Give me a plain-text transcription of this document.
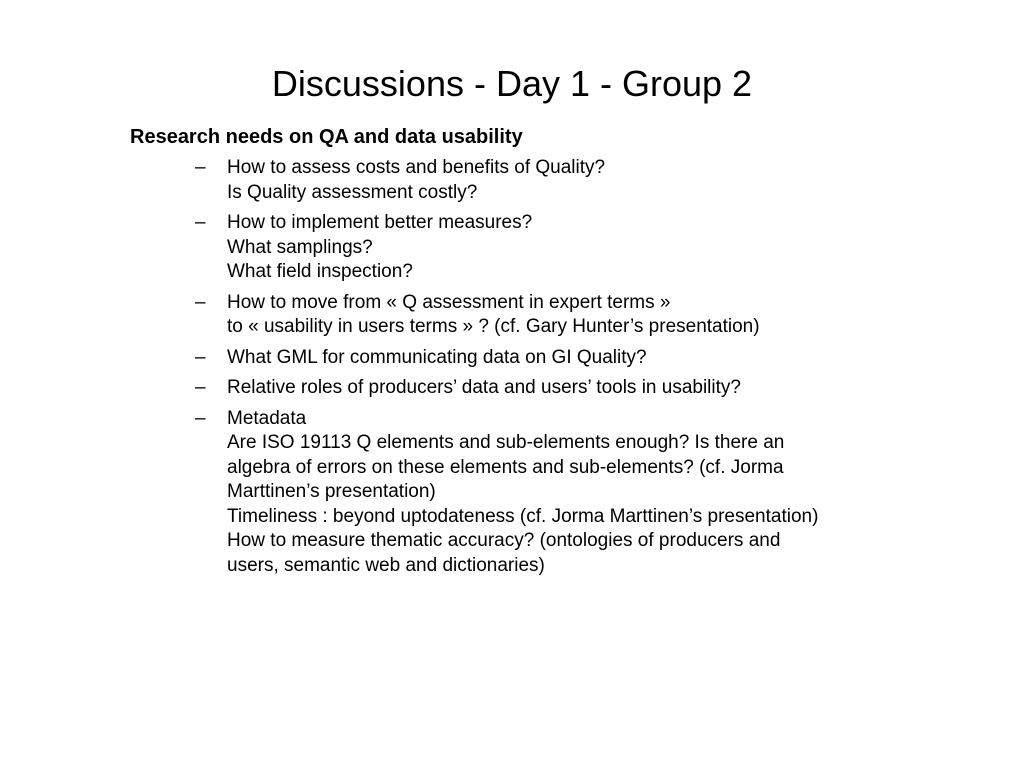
Discussions - Day 1 - Group 2
Research needs on QA and data usability
– How to assess costs and benefits of Quality?
Is Quality assessment costly?
– How to implement better measures?
What samplings?
What field inspection?
– How to move from « Q assessment in expert terms »
to « usability in users terms » ? (cf. Gary Hunter’s presentation)
– What GML for communicating data on GI Quality?
– Relative roles of producers’ data and users’ tools in usability?
– Metadata
Are ISO 19113 Q elements and sub-elements enough? Is there an
algebra of errors on these elements and sub-elements? (cf. Jorma
Marttinen’s presentation)
Timeliness : beyond uptodateness (cf. Jorma Marttinen’s presentation)
How to measure thematic accuracy? (ontologies of producers and
users, semantic web and dictionaries)
